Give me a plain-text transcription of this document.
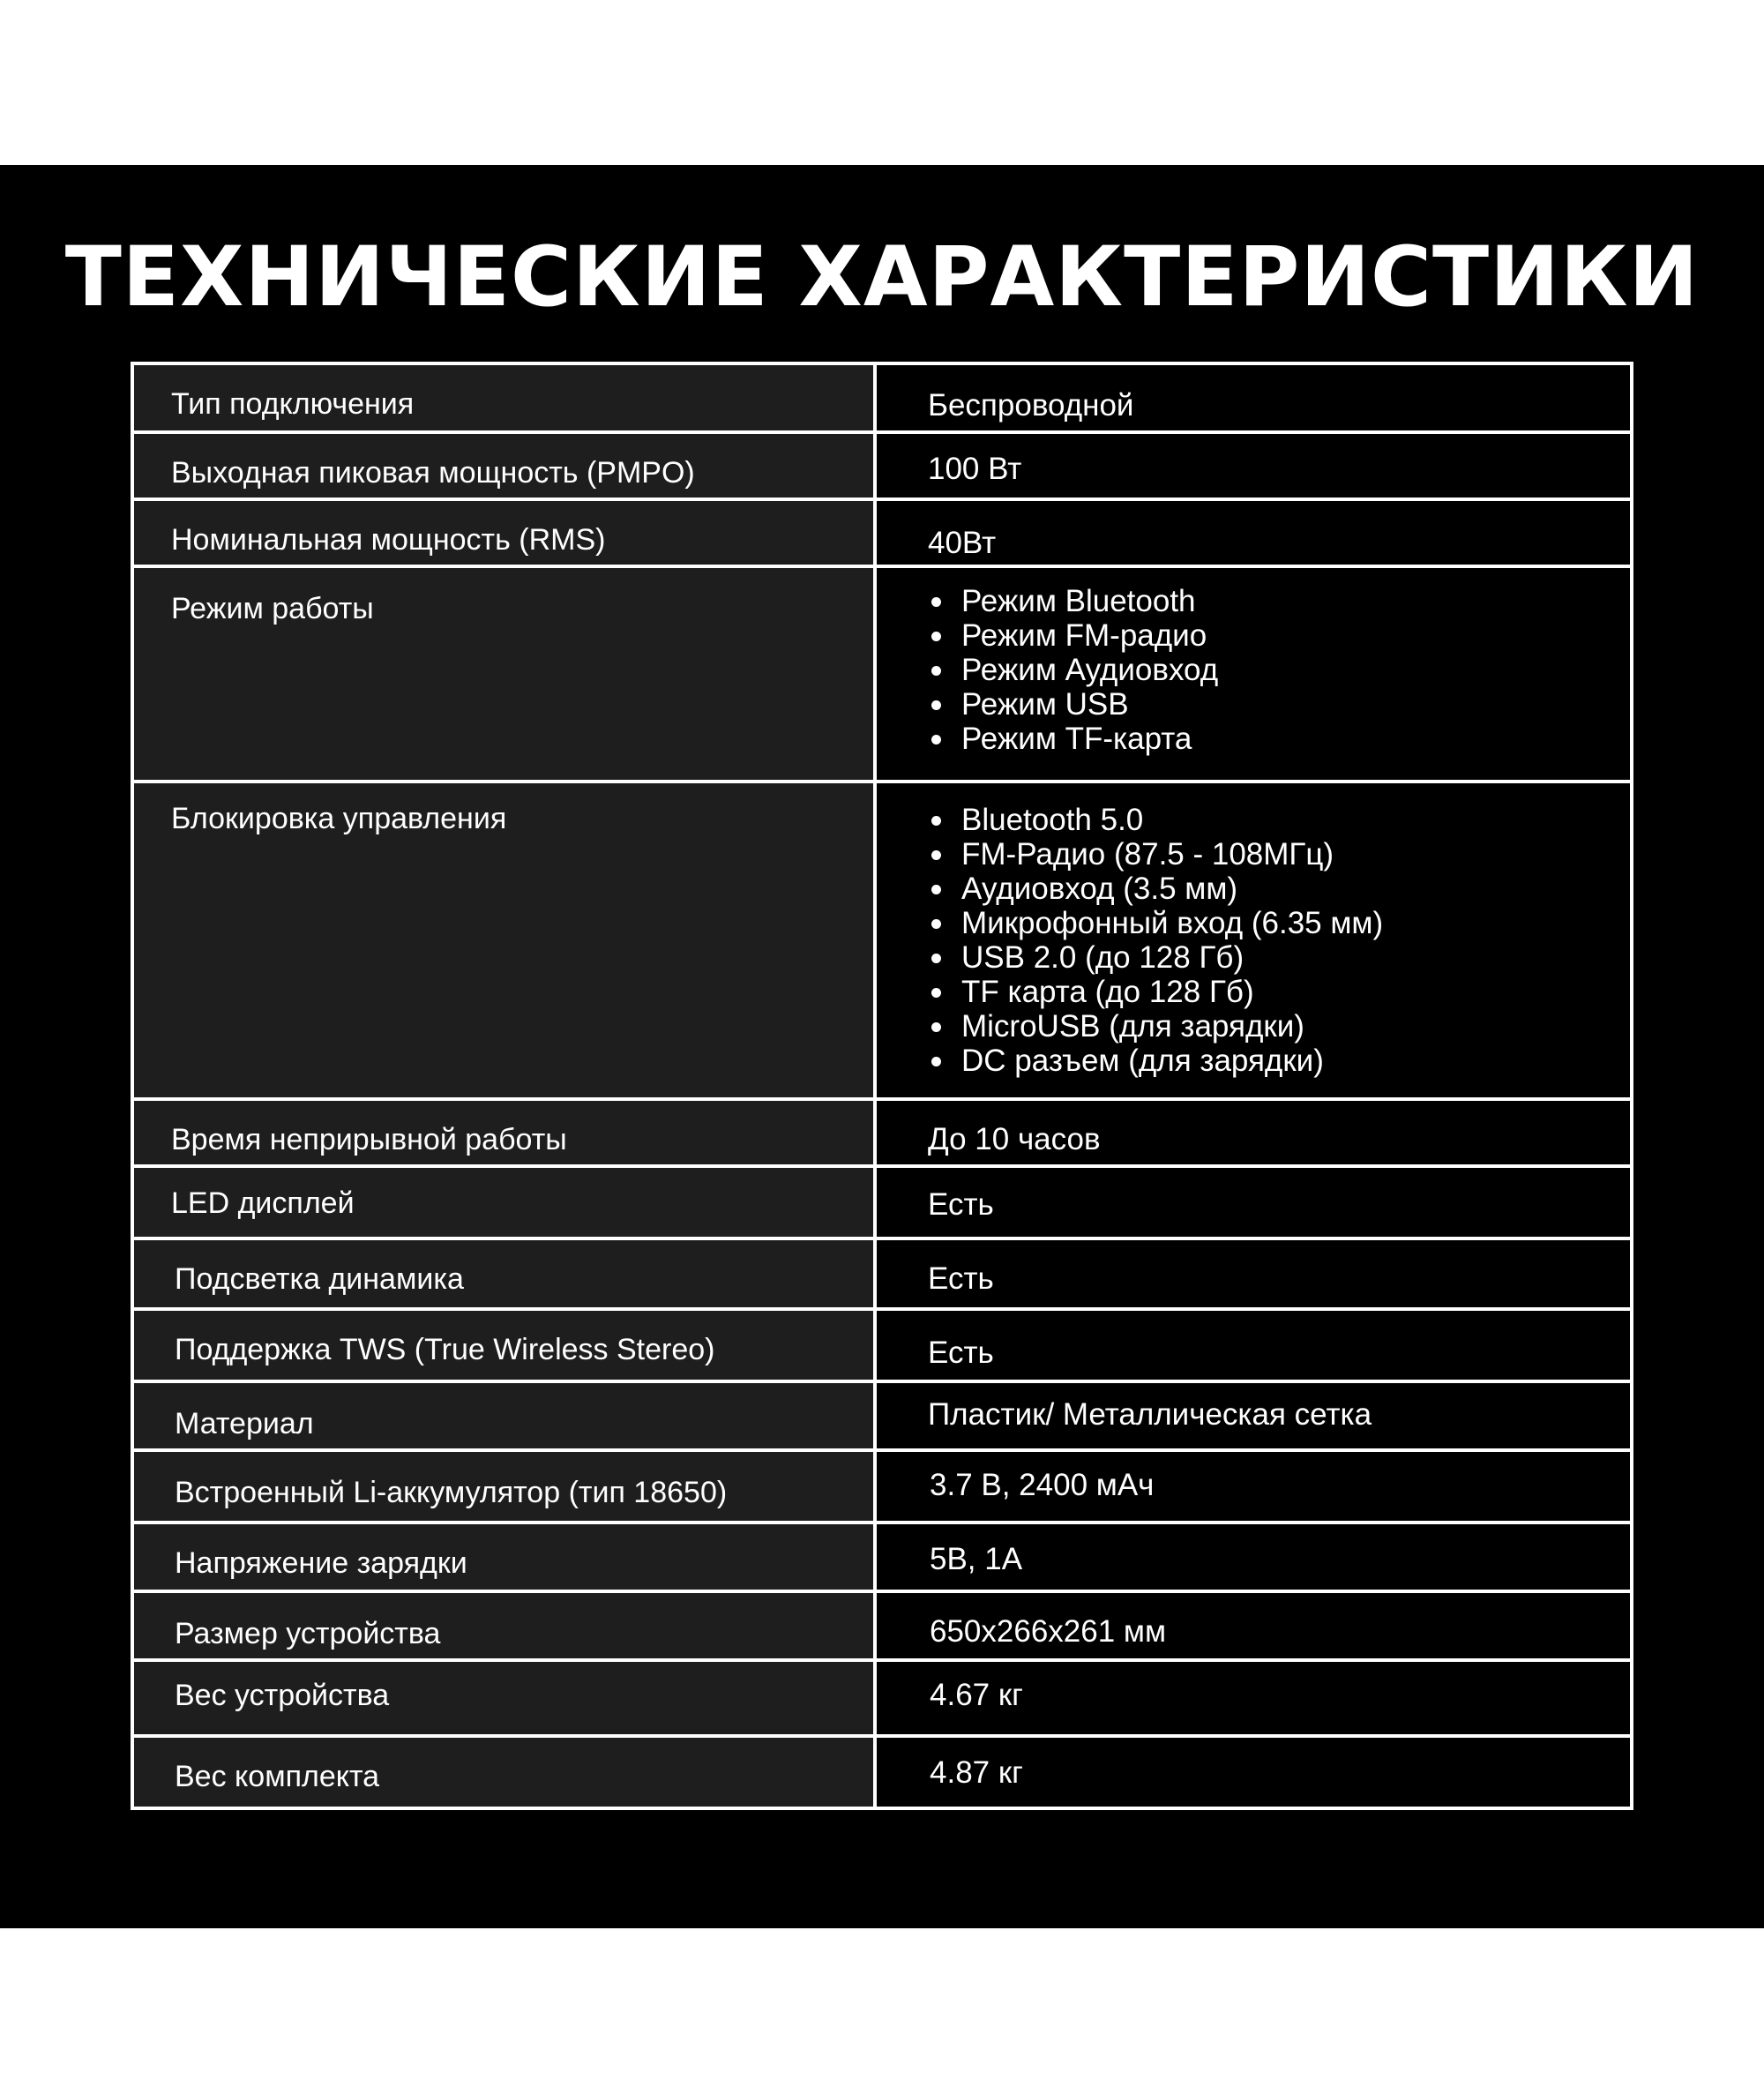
ТЕХНИЧЕСКИЕ ХАРАКТЕРИСТИКИ
Тип подключения	Беспроводной
Выходная пиковая мощность (PMPO)	100 Вт
Номинальная мощность (RMS)	40Вт
Режим работы	Режим Bluetooth
Режим FM-радио
Режим Аудиовход
Режим USB
Режим TF-карта
Блокировка управления	Bluetooth 5.0
FM-Радио (87.5 - 108МГц)
Аудиовход (3.5 мм)
Микрофонный вход (6.35 мм)
USB 2.0 (до 128 Гб)
TF карта (до 128 Гб)
MicroUSB (для зарядки)
DC разъем (для зарядки)
Время неприрывной работы	До 10 часов
LED дисплей	Есть
Подсветка динамика	Есть
Поддержка TWS (True Wireless Stereo)	Есть
Материал	Пластик/ Металлическая сетка
Встроенный Li-аккумулятор (тип 18650)	3.7 В, 2400 мАч
Напряжение зарядки	5В, 1А
Размер устройства	650x266x261 мм
Вес устройства	4.67 кг
Вес комплекта	4.87 кг
